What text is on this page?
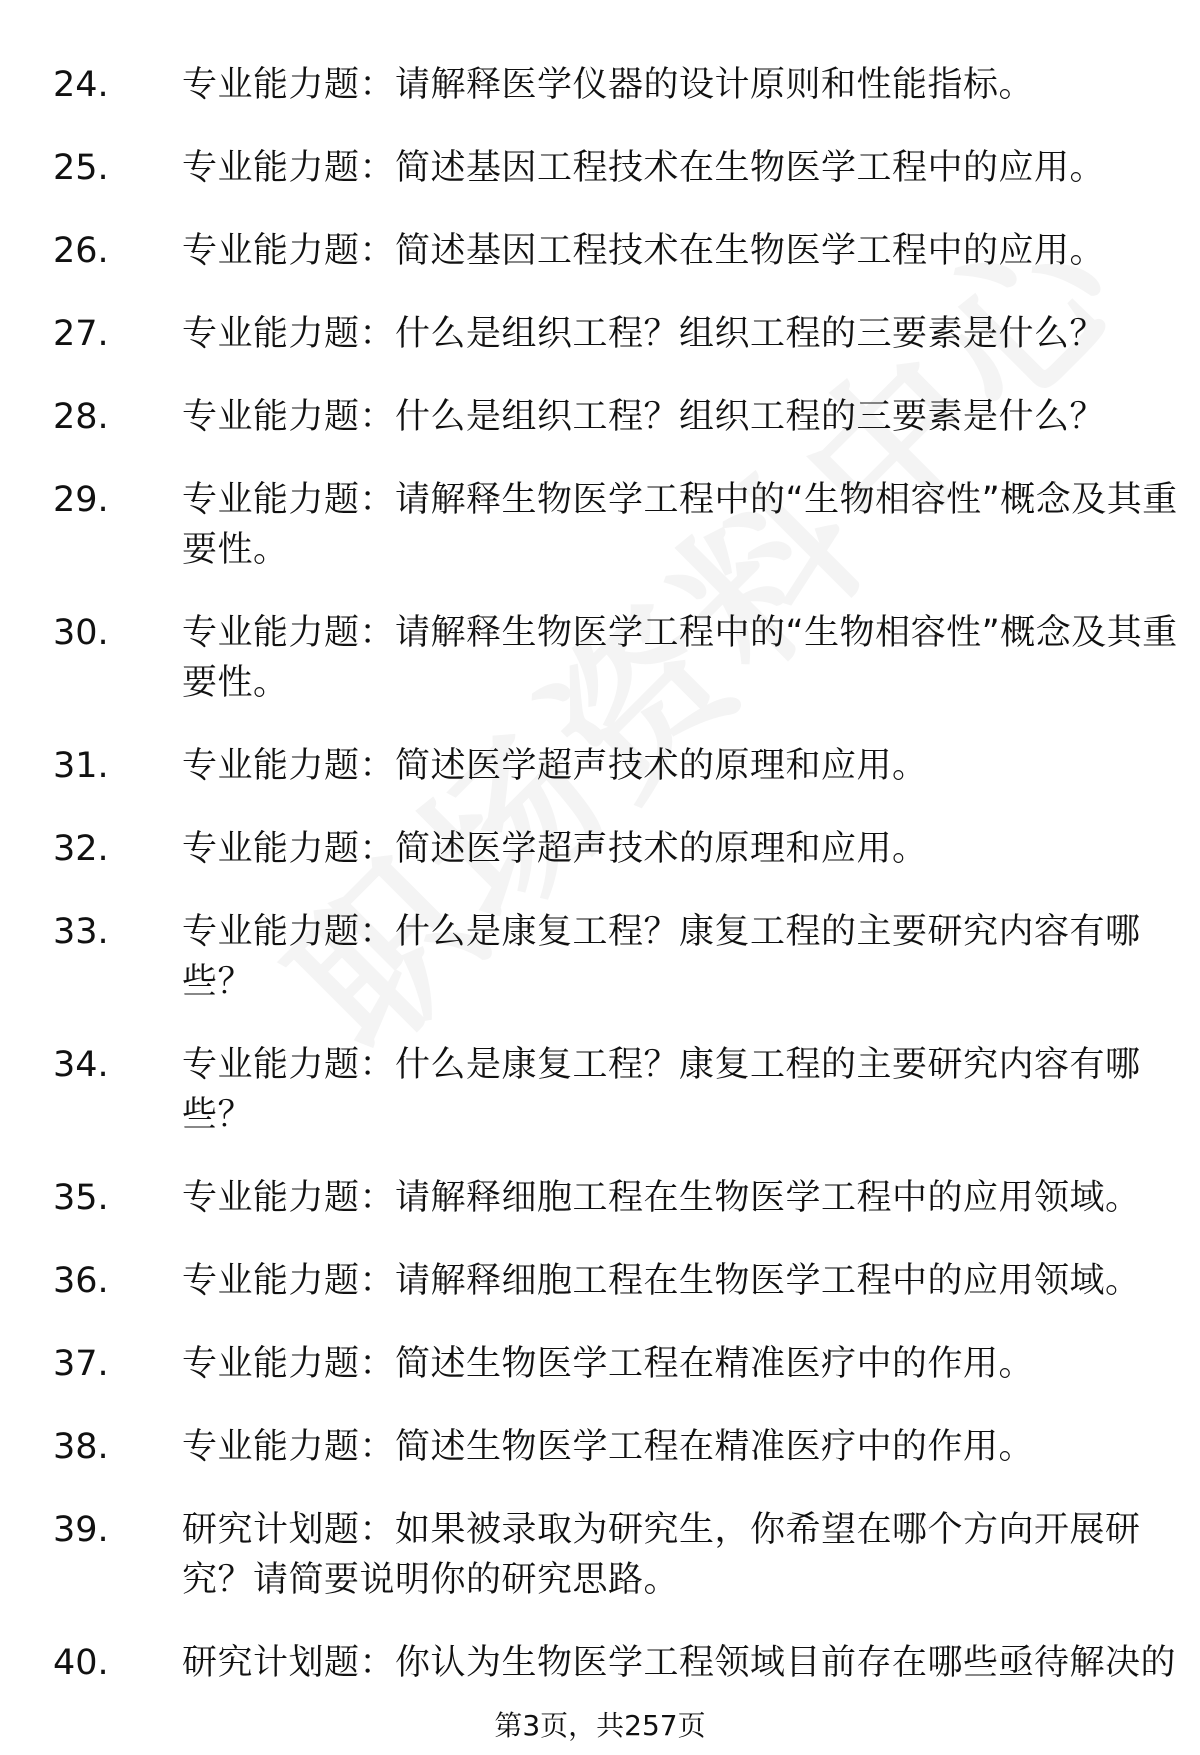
24.	专业能力题：请解释医学仪器的设计原则和性能指标。
25.	专业能力题：简述基因工程技术在生物医学工程中的应用。
26.	专业能力题：简述基因工程技术在生物医学工程中的应用。
27.	专业能力题：什么是组织工程？组织工程的三要素是什么？
28.	专业能力题：什么是组织工程？组织工程的三要素是什么？
29.	专业能力题：请解释生物医学工程中的“生物相容性”概念及其重要性。
30.	专业能力题：请解释生物医学工程中的“生物相容性”概念及其重要性。
31.	专业能力题：简述医学超声技术的原理和应用。
32.	专业能力题：简述医学超声技术的原理和应用。
33.	专业能力题：什么是康复工程？康复工程的主要研究内容有哪些？
34.	专业能力题：什么是康复工程？康复工程的主要研究内容有哪些？
35.	专业能力题：请解释细胞工程在生物医学工程中的应用领域。
36.	专业能力题：请解释细胞工程在生物医学工程中的应用领域。
37.	专业能力题：简述生物医学工程在精准医疗中的作用。
38.	专业能力题：简述生物医学工程在精准医疗中的作用。
39.	研究计划题：如果被录取为研究生，你希望在哪个方向开展研究？请简要说明你的研究思路。
40.	研究计划题：你认为生物医学工程领域目前存在哪些亟待解决的
第3页，共257页
